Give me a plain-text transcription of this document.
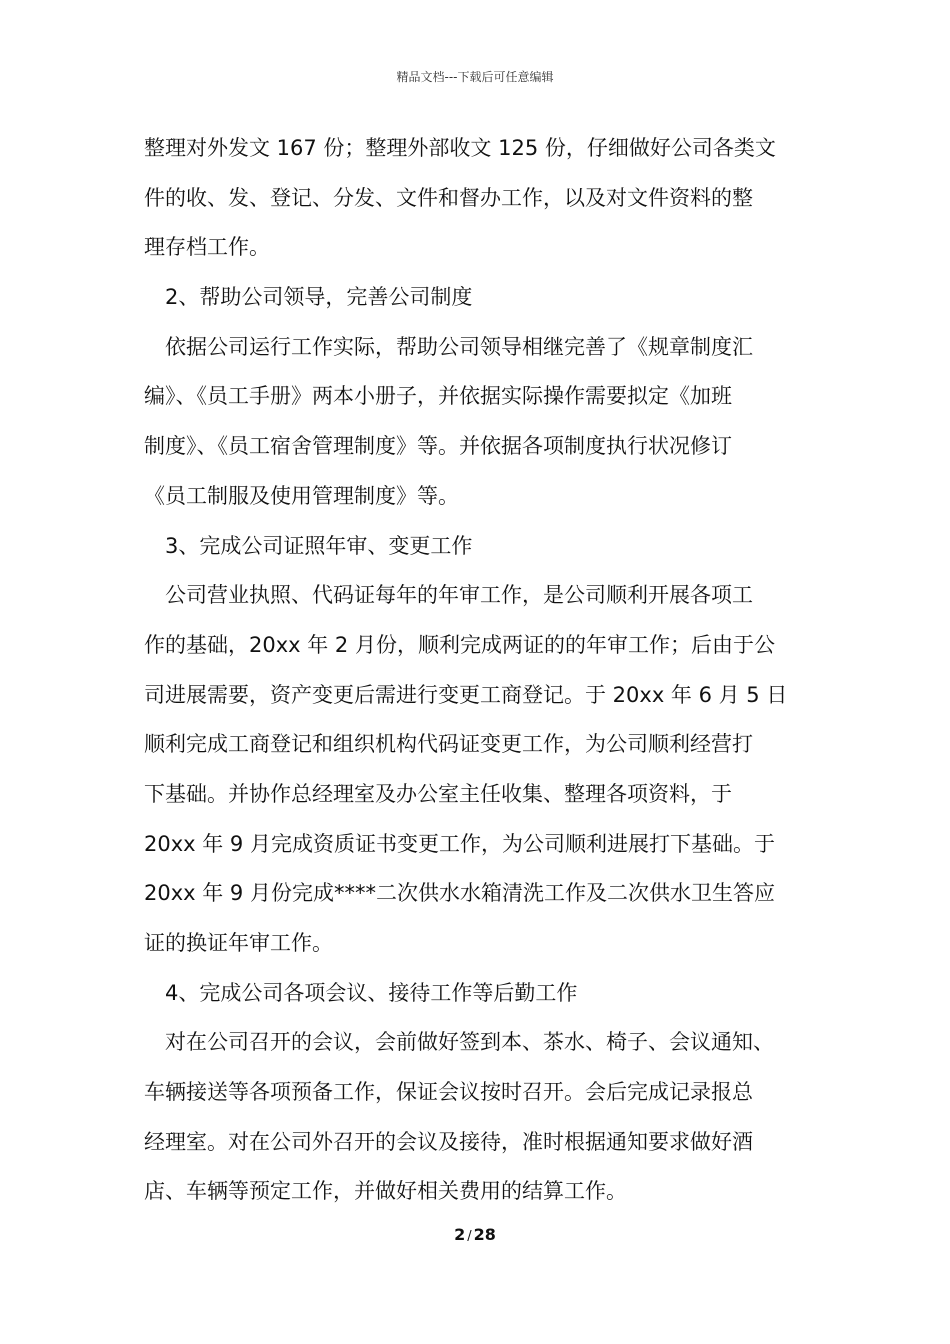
精品文档---下载后可任意编辑
整理对外发文 167 份；整理外部收文 125 份，仔细做好公司各类文
件的收、发、登记、分发、文件和督办工作，以及对文件资料的整
理存档工作。
2、帮助公司领导，完善公司制度
依据公司运行工作实际，帮助公司领导相继完善了《规章制度汇
编》、《员工手册》两本小册子，并依据实际操作需要拟定《加班
制度》、《员工宿舍管理制度》等。并依据各项制度执行状况修订
《员工制服及使用管理制度》等。
3、完成公司证照年审、变更工作
公司营业执照、代码证每年的年审工作，是公司顺利开展各项工
作的基础，20xx 年 2 月份，顺利完成两证的的年审工作；后由于公
司进展需要，资产变更后需进行变更工商登记。于 20xx 年 6 月 5 日
顺利完成工商登记和组织机构代码证变更工作，为公司顺利经营打
下基础。并协作总经理室及办公室主任收集、整理各项资料，于
20xx 年 9 月完成资质证书变更工作，为公司顺利进展打下基础。于
20xx 年 9 月份完成****二次供水水箱清洗工作及二次供水卫生答应
证的换证年审工作。
4、完成公司各项会议、接待工作等后勤工作
对在公司召开的会议，会前做好签到本、茶水、椅子、会议通知、
车辆接送等各项预备工作，保证会议按时召开。会后完成记录报总
经理室。对在公司外召开的会议及接待，准时根据通知要求做好酒
店、车辆等预定工作，并做好相关费用的结算工作。
2 / 28
